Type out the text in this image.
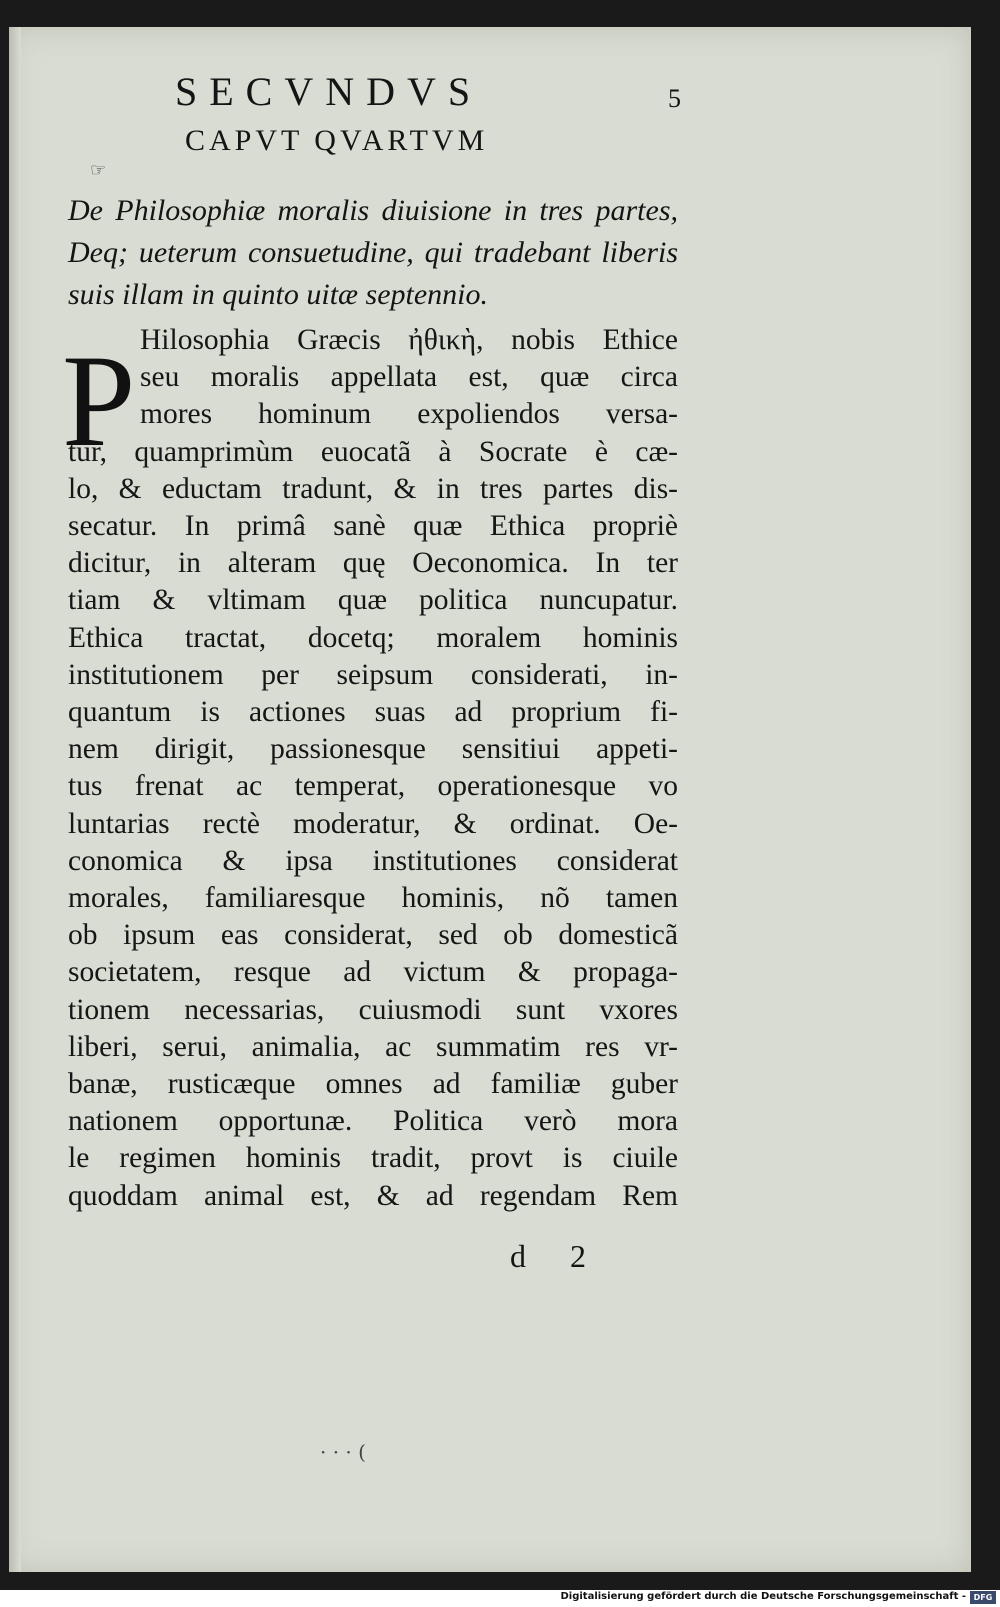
SECVNDVS	5
CAPVT QVARTVM
☞
De Philosophiæ moralis diuisione in tres partes, Deq; ueterum consuetudine, qui tradebant liberis suis illam in quinto uitæ septennio.
P Hilosophia Græcis ἠθικὴ, nobis Ethice
seu moralis appellata est, quæ circa
mores hominum expoliendos versa-
tur, quamprimùm euocatã à Socrate è cæ-
lo, & eductam tradunt, & in tres partes dis-
secatur. In primâ sanè quæ Ethica propriè
dicitur, in alteram quę Oeconomica. In ter
tiam & vltimam quæ politica nuncupatur.
Ethica tractat, docetq; moralem hominis
institutionem per seipsum considerati, in-
quantum is actiones suas ad proprium fi-
nem dirigit, passionesque sensitiui appeti-
tus frenat ac temperat, operationesque vo
luntarias rectè moderatur, & ordinat. Oe-
conomica & ipsa institutiones considerat
morales, familiaresque hominis, nõ tamen
ob ipsum eas considerat, sed ob domesticã
societatem, resque ad victum & propaga-
tionem necessarias, cuiusmodi sunt vxores
liberi, serui, animalia, ac summatim res vr-
banæ, rusticæque omnes ad familiæ guber
nationem opportunæ. Politica verò mora
le regimen hominis tradit, provt is ciuile
quoddam animal est, & ad regendam Rem
d 2
· · · (
Digitalisierung gefördert durch die Deutsche Forschungsgemeinschaft - DFG
